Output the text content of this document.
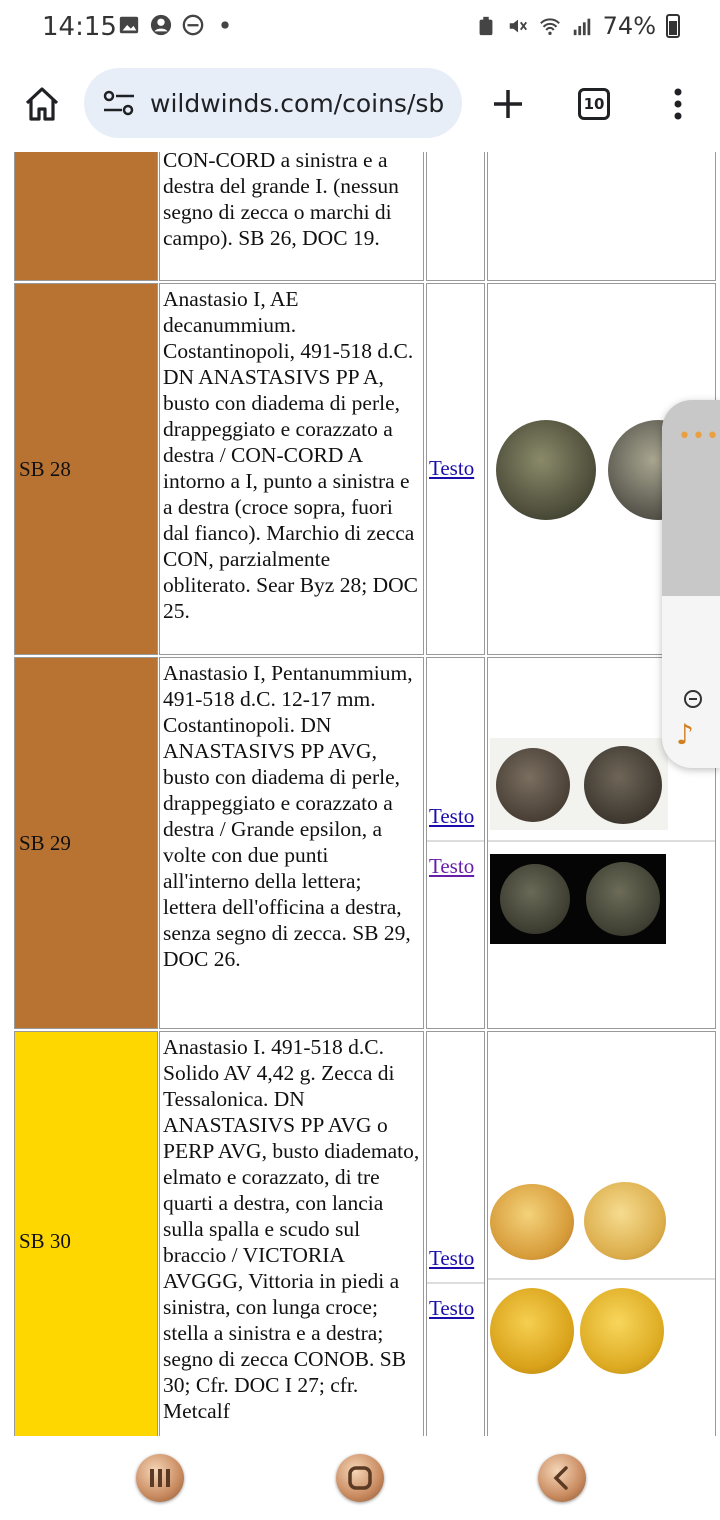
14:15	74%
wildwinds.com/coins/sb	10
CON-CORD a sinistra e a destra del grande I. (nessun segno di zecca o marchi di campo). SB 26, DOC 19.
SB 28
Anastasio I, AE decanummium. Costantinopoli, 491-518 d.C. DN ANASTASIVS PP A, busto con diadema di perle, drappeggiato e corazzato a destra / CON-CORD A intorno a I, punto a sinistra e a destra (croce sopra, fuori dal fianco). Marchio di zecca CON, parzialmente obliterato. Sear Byz 28; DOC 25.
Testo
SB 29
Anastasio I, Pentanummium, 491-518 d.C. 12-17 mm. Costantinopoli. DN ANASTASIVS PP AVG, busto con diadema di perle, drappeggiato e corazzato a destra / Grande epsilon, a volte con due punti all'interno della lettera; lettera dell'officina a destra, senza segno di zecca. SB 29, DOC 26.
Testo
Testo
SB 30
Anastasio I. 491-518 d.C. Solido AV 4,42 g. Zecca di Tessalonica. DN ANASTASIVS PP AVG o PERP AVG, busto diademato, elmato e corazzato, di tre quarti a destra, con lancia sulla spalla e scudo sul braccio / VICTORIA AVGGG, Vittoria in piedi a sinistra, con lunga croce; stella a sinistra e a destra; segno di zecca CONOB. SB 30; Cfr. DOC I 27; cfr. Metcalf
Testo
Testo
•••
♪
